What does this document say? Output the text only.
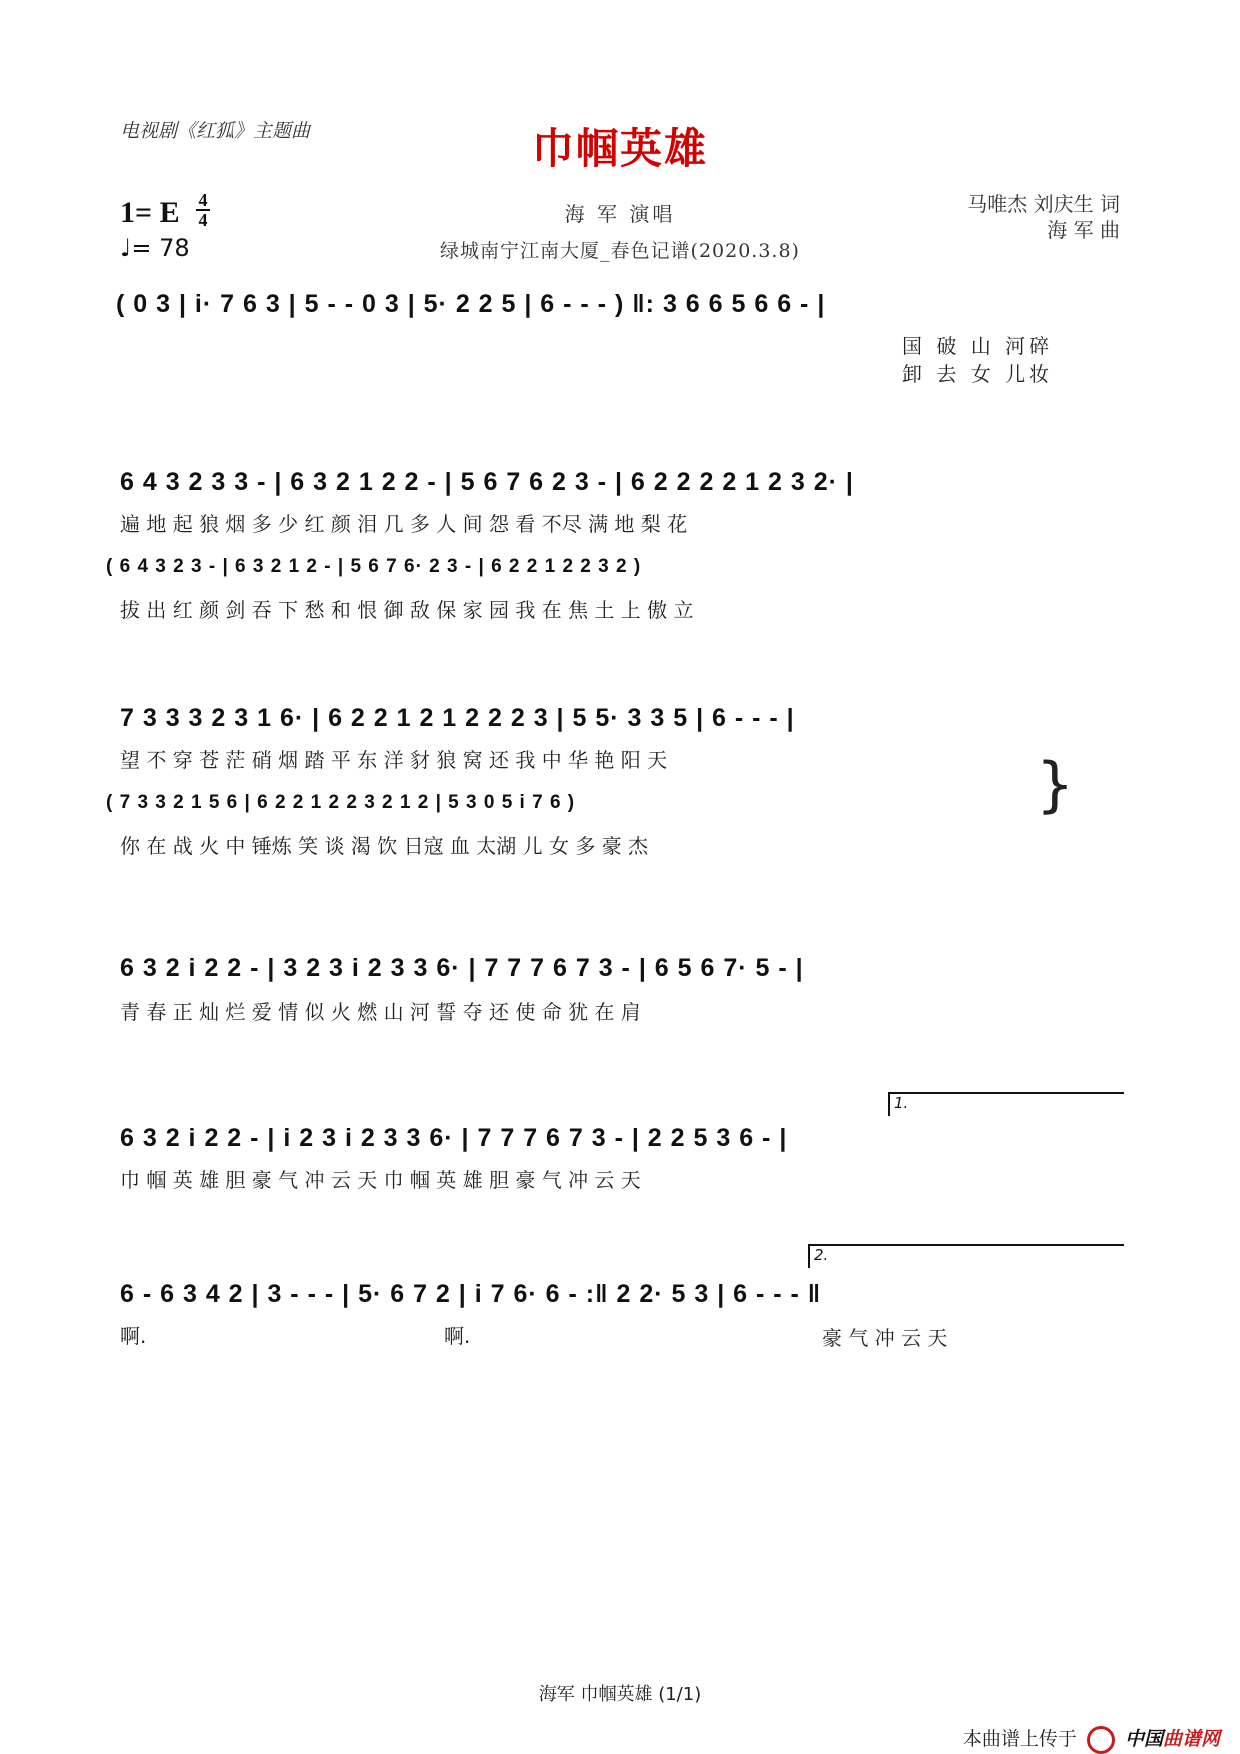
电视剧《红狐》主题曲	巾帼英雄
1= E 4
4
♩= 78
海 军 演唱
绿城南宁江南大厦_春色记谱(2020.3.8)
马唯杰 刘庆生 词
海 军 曲
( 0 3 | i· 7 6 3 | 5 - - 0 3 | 5· 2 2 5 | 6 - - - ) ‖: 3 6 6 5 6 6 - |
国 破 山 河碎
卸 去 女 儿妆
6 4 3 2 3 3 - | 6 3 2 1 2 2 - | 5 6 7 6 2 3 - | 6 2 2 2 2 1 2 3 2· |
遍 地 起 狼 烟 多 少 红 颜 泪 几 多 人 间 怨 看 不尽 满 地 梨 花
( 6 4 3 2 3 - | 6 3 2 1 2 - | 5 6 7 6· 2 3 - | 6 2 2 1 2 2 3 2 )
拔 出 红 颜 剑 吞 下 愁 和 恨 御 敌 保 家 园 我 在 焦 土 上 傲 立
7 3 3 3 2 3 1 6· | 6 2 2 1 2 1 2 2 2 3 | 5 5· 3 3 5 | 6 - - - |
望 不 穿 苍 茫 硝 烟 踏 平 东 洋 豺 狼 窝 还 我 中 华 艳 阳 天
( 7 3 3 2 1 5 6 | 6 2 2 1 2 2 3 2 1 2 | 5 3 0 5 i 7 6 )
你 在 战 火 中 锤炼 笑 谈 渴 饮 日寇 血 太湖 儿 女 多 豪 杰
}
6 3 2 i 2 2 - | 3 2 3 i 2 3 3 6· | 7 7 7 6 7 3 - | 6 5 6 7· 5 - |
青 春 正 灿 烂 爱 情 似 火 燃 山 河 誓 夺 还 使 命 犹 在 肩
1.
6 3 2 i 2 2 - | i 2 3 i 2 3 3 6· | 7 7 7 6 7 3 - | 2 2 5 3 6 - |
巾 帼 英 雄 胆 豪 气 冲 云 天 巾 帼 英 雄 胆 豪 气 冲 云 天
2.
6 - 6 3 4 2 | 3 - - - | 5· 6 7 2 | i 7 6· 6 - :‖ 2 2· 5 3 | 6 - - - ‖
啊.	啊.	豪 气 冲 云 天
海军 巾帼英雄 (1/1)
本曲谱上传于	中国曲谱网
